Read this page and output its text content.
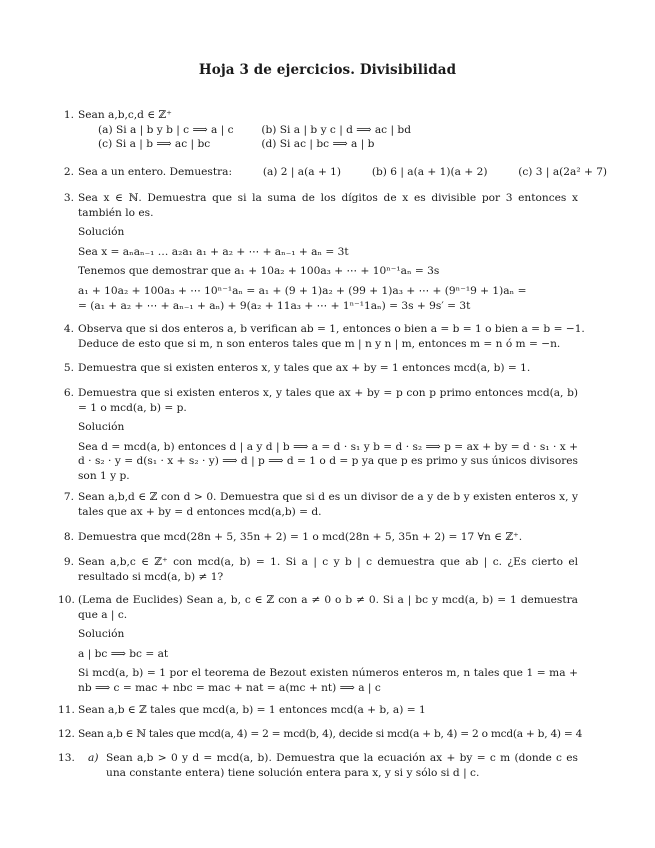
Hoja 3 de ejercicios. Divisibilidad
1. Sean a,b,c,d ∈ ℤ⁺
(a) Si a | b y b | c ⟹ a | c	(b) Si a | b y c | d ⟹ ac | bd
(c) Si a | b ⟹ ac | bc	(d) Si ac | bc ⟹ a | b
2. Sea a un entero. Demuestra:	(a) 2 | a(a + 1)	(b) 6 | a(a + 1)(a + 2)	(c) 3 | a(2a² + 7)
3. Sea x ∈ ℕ. Demuestra que si la suma de los dígitos de x es divisible por 3 entonces x también lo es.
Solución
Sea x = aₙaₙ₋₁ … a₂a₁ a₁ + a₂ + ⋯ + aₙ₋₁ + aₙ = 3t
Tenemos que demostrar que a₁ + 10a₂ + 100a₃ + ⋯ + 10ⁿ⁻¹aₙ = 3s
a₁ + 10a₂ + 100a₃ + ⋯ 10ⁿ⁻¹aₙ = a₁ + (9 + 1)a₂ + (99 + 1)a₃ + ⋯ + (9ⁿ⁻¹9 + 1)aₙ =
= (a₁ + a₂ + ⋯ + aₙ₋₁ + aₙ) + 9(a₂ + 11a₃ + ⋯ + 1ⁿ⁻¹1aₙ) = 3s + 9s′ = 3t
4. Observa que si dos enteros a, b verifican ab = 1, entonces o bien a = b = 1 o bien a = b = −1.
Deduce de esto que si m, n son enteros tales que m | n y n | m, entonces m = n ó m = −n.
5. Demuestra que si existen enteros x, y tales que ax + by = 1 entonces mcd(a, b) = 1.
6. Demuestra que si existen enteros x, y tales que ax + by = p con p primo entonces mcd(a, b) = 1 o mcd(a, b) = p.
Solución
Sea d = mcd(a, b) entonces d | a y d | b ⟹ a = d · s₁ y b = d · s₂ ⟹ p = ax + by = d · s₁ · x + d · s₂ · y = d(s₁ · x + s₂ · y) ⟹ d | p ⟹ d = 1 o d = p ya que p es primo y sus únicos divisores son 1 y p.
7. Sean a,b,d ∈ ℤ con d > 0. Demuestra que si d es un divisor de a y de b y existen enteros x, y tales que ax + by = d entonces mcd(a,b) = d.
8. Demuestra que mcd(28n + 5, 35n + 2) = 1 o mcd(28n + 5, 35n + 2) = 17 ∀n ∈ ℤ⁺.
9. Sean a,b,c ∈ ℤ⁺ con mcd(a, b) = 1. Si a | c y b | c demuestra que ab | c. ¿Es cierto el resultado si mcd(a, b) ≠ 1?
10. (Lema de Euclides) Sean a, b, c ∈ ℤ con a ≠ 0 o b ≠ 0. Si a | bc y mcd(a, b) = 1 demuestra que a | c.
Solución
a | bc ⟹ bc = at
Si mcd(a, b) = 1 por el teorema de Bezout existen números enteros m, n tales que 1 = ma + nb ⟹ c = mac + nbc = mac + nat = a(mc + nt) ⟹ a | c
11. Sean a,b ∈ ℤ tales que mcd(a, b) = 1 entonces mcd(a + b, a) = 1
12. Sean a,b ∈ ℕ tales que mcd(a, 4) = 2 = mcd(b, 4), decide si mcd(a + b, 4) = 2 o mcd(a + b, 4) = 4
13. a) Sean a,b > 0 y d = mcd(a, b). Demuestra que la ecuación ax + by = c m (donde c es una constante entera) tiene solución entera para x, y si y sólo si d | c.
